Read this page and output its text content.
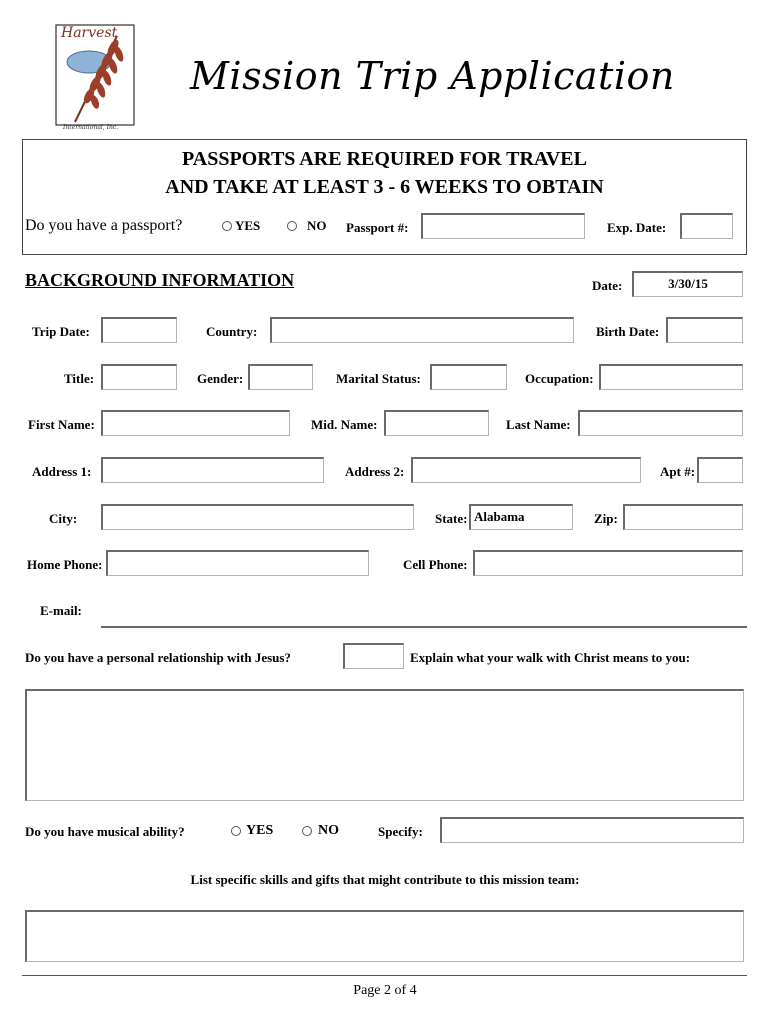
Harvest
International, Inc.
Mission Trip Application
PASSPORTS ARE REQUIRED FOR TRAVEL
AND TAKE AT LEAST 3 - 6 WEEKS TO OBTAIN
Do you have a passport?	YES	NO Passport #:	Exp. Date:
BACKGROUND INFORMATION	Date:	3/30/15
Trip Date:	Country:	Birth Date:
Title:	Gender:	Marital Status:	Occupation:
First Name:	Mid. Name:	Last Name:
Address 1:	Address 2:	Apt #:
City:	State: Alabama	Zip:
Home Phone:	Cell Phone:
E-mail:
Do you have a personal relationship with Jesus?	Explain what your walk with Christ means to you:
Do you have musical ability?	YES	NO	Specify:
List specific skills and gifts that might contribute to this mission team:
Page 2 of 4
